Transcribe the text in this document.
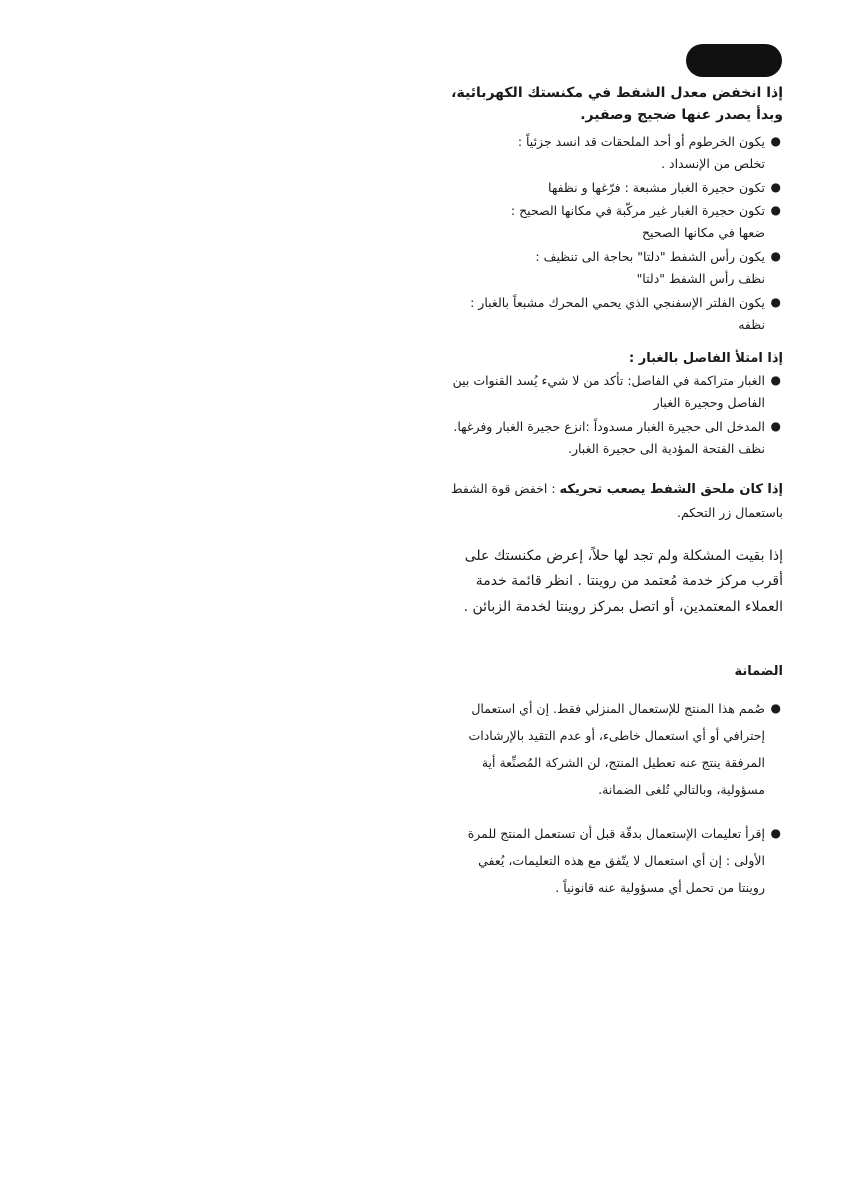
إذا انخفض معدل الشفط في مكنستك الكهربائية، وبدأ يصدر عنها ضجيج وصفير.
●
يكون الخرطوم أو أحد الملحقات قد انسد جزئياً :
تخلص من الإنسداد .
●
تكون حجيرة الغبار مشبعة : فرّغها و نظفها
●
تكون حجيرة الغبار غير مركّبة في مكانها الصحيح :
ضعها في مكانها الصحيح
●
يكون رأس الشفط "دلتا" بحاجة الى تنظيف :
نظف رأس الشفط "دلتا"
●
يكون الفلتر الإسفنجي الذي يحمي المحرك مشبعاً بالغبار :
نظفه
إذا امتلأ الفاصل بالغبار :
●
الغبار متراكمة في الفاصل: تأكد من لا شيء يُسد القنوات بين
الفاصل وحجيرة الغبار
●
المدخل الى حجيرة الغبار مسدوداً :انزع حجيرة الغبار وفرغها.
نظف الفتحة المؤدية الى حجيرة الغبار.
إذا كان ملحق الشفط يصعب تحريكه : اخفض قوة الشفط
باستعمال زر التحكم.
إذا بقيت المشكلة ولم تجد لها حلاً، إعرض مكنستك على
أقرب مركز خدمة مُعتمد من روينتا . انظر قائمة خدمة
العملاء المعتمدين، أو اتصل بمركز روينتا لخدمة الزبائن .
الضمانة
●
صُمم هذا المنتج للإستعمال المنزلي فقط. إن أي استعمال
إحترافي أو أي استعمال خاطىء، أو عدم التقيد بالإرشادات
المرفقة ينتج عنه تعطيل المنتج، لن الشركة المُصنِّعة أية
مسؤولية، وبالتالي تُلغى الضمانة.
●
إقرأ تعليمات الإستعمال بدقّة قبل أن تستعمل المنتج للمرة
الأولى : إن أي استعمال لا يتّفق مع هذه التعليمات، يُعفي
روينتا من تحمل أي مسؤولية عنه قانونياً .
